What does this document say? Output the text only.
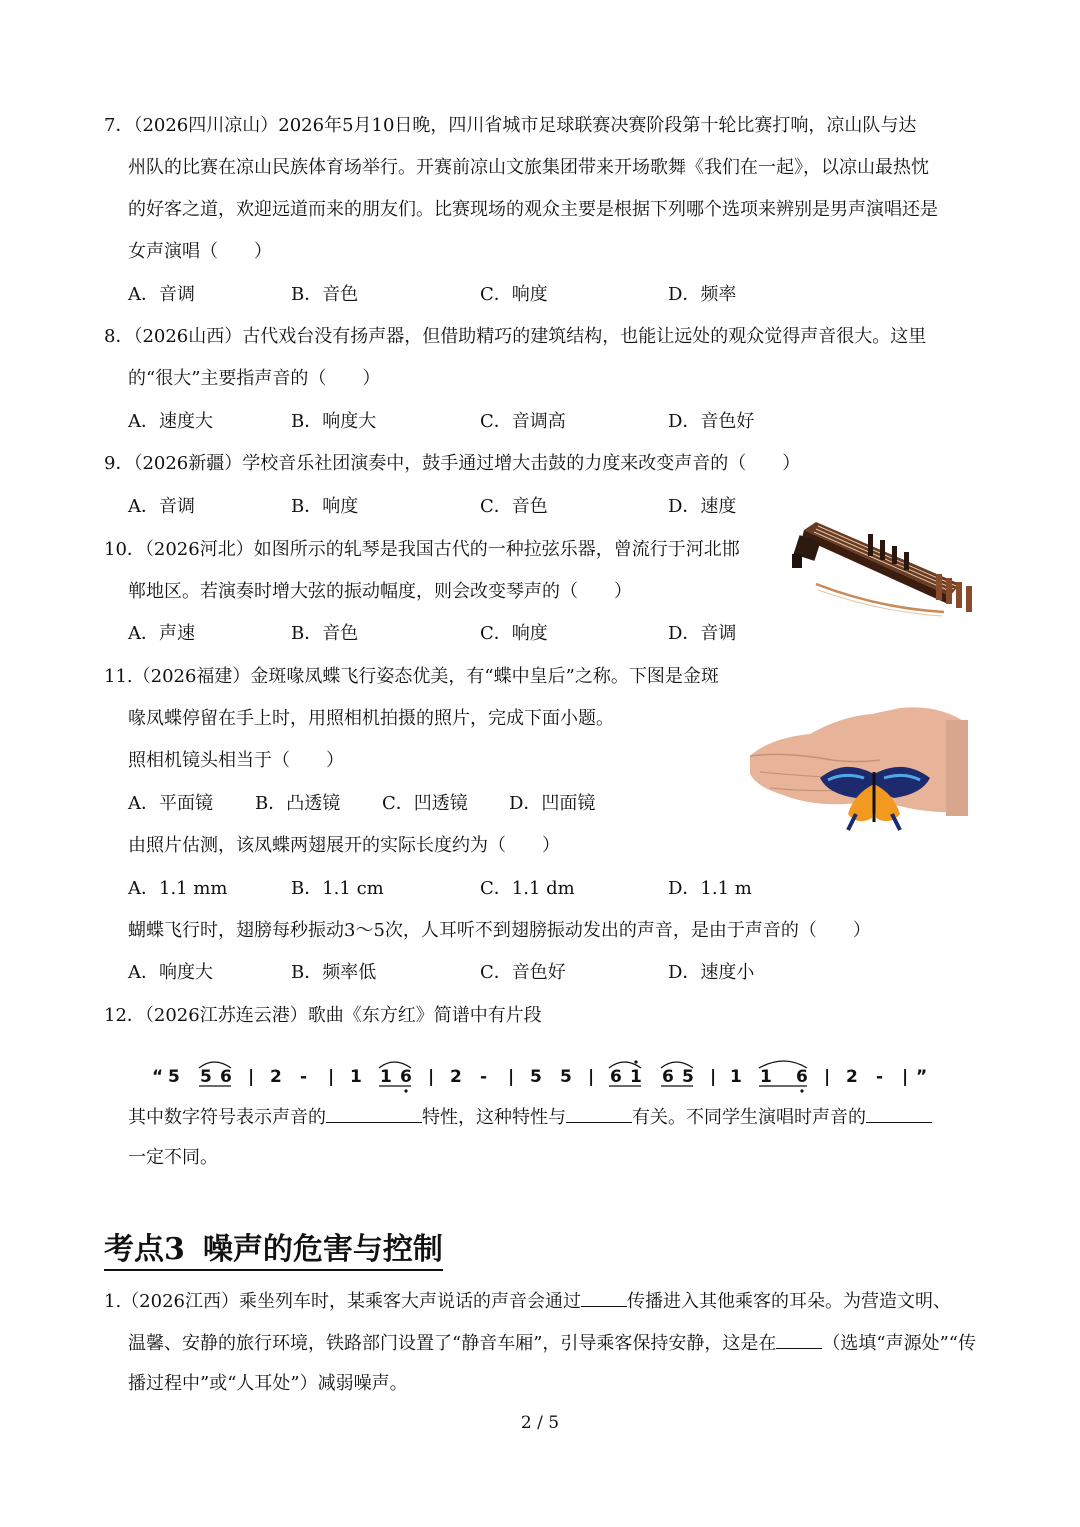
7．（2026四川凉山）2026年5月10日晚，四川省城市足球联赛决赛阶段第十轮比赛打响，凉山队与达
州队的比赛在凉山民族体育场举行。开赛前凉山文旅集团带来开场歌舞《我们在一起》，以凉山最热忱
的好客之道，欢迎远道而来的朋友们。比赛现场的观众主要是根据下列哪个选项来辨别是男声演唱还是
女声演唱（　　）
A．音调	B．音色	C．响度	D．频率
8．（2026山西）古代戏台没有扬声器，但借助精巧的建筑结构，也能让远处的观众觉得声音很大。这里
的“很大”主要指声音的（　　）
A．速度大	B．响度大	C．音调高	D．音色好
9．（2026新疆）学校音乐社团演奏中，鼓手通过增大击鼓的力度来改变声音的（　　）
A．音调	B．响度	C．音色	D．速度
10．（2026河北）如图所示的轧琴是我国古代的一种拉弦乐器，曾流行于河北邯
郸地区。若演奏时增大弦的振动幅度，则会改变琴声的（　　）
A．声速	B．音色	C．响度	D．音调
11.（2026福建）金斑喙凤蝶飞行姿态优美，有“蝶中皇后”之称。下图是金斑
喙凤蝶停留在手上时，用照相机拍摄的照片，完成下面小题。
照相机镜头相当于（　　）
A．平面镜 B．凸透镜 C．凹透镜 D．凹面镜
由照片估测，该凤蝶两翅展开的实际长度约为（　　）
A．1.1 mm	B．1.1 cm	C．1.1 dm	D．1.1 m
蝴蝶飞行时，翅膀每秒振动3～5次，人耳听不到翅膀振动发出的声音，是由于声音的（　　）
A．响度大	B．频率低	C．音色好	D．速度小
12．（2026江苏连云港）歌曲《东方红》简谱中有片段
“ 5 5 6 | 2 - | 1 1 6 | 2 - | 5 5 | 6 1 6 5 | 1 1 6 | 2 - | ”
其中数字符号表示声音的	特性，这种特性与	有关。不同学生演唱时声音的
一定不同。
考点3 噪声的危害与控制
1.（2026江西）乘坐列车时，某乘客大声说话的声音会通过	传播进入其他乘客的耳朵。为营造文明、
温馨、安静的旅行环境，铁路部门设置了“静音车厢”，引导乘客保持安静，这是在	（选填“声源处”“传
播过程中”或“人耳处”）减弱噪声。
2 / 5
